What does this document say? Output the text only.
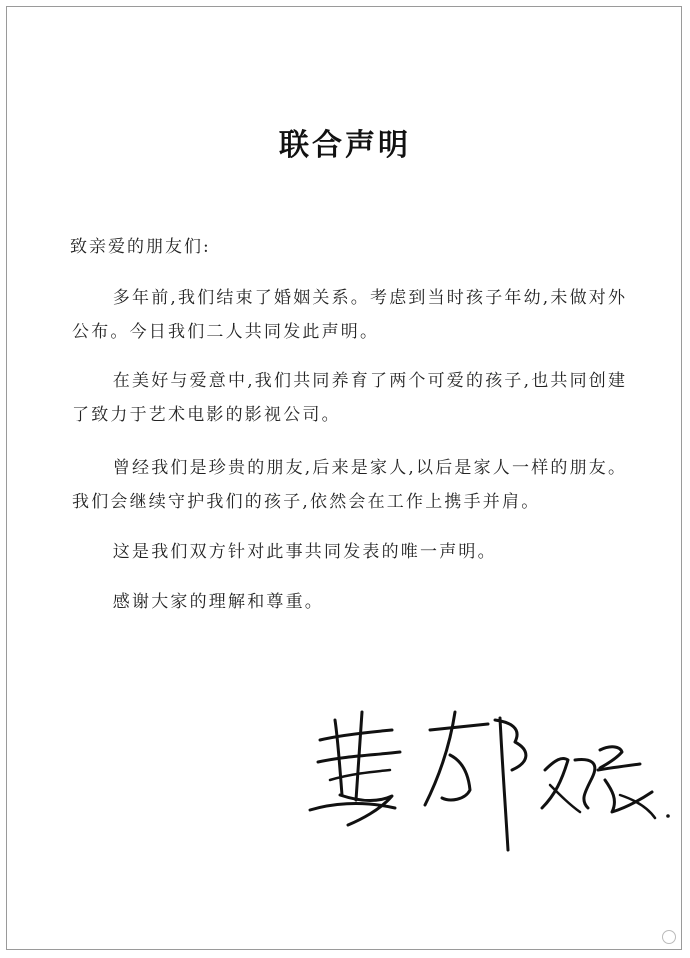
联合声明
致亲爱的朋友们:

多年前,我们结束了婚姻关系。考虑到当时孩子年幼,未做对外公布。今日我们二人共同发此声明。

在美好与爱意中,我们共同养育了两个可爱的孩子,也共同创建了致力于艺术电影的影视公司。

曾经我们是珍贵的朋友,后来是家人,以后是家人一样的朋友。我们会继续守护我们的孩子,依然会在工作上携手并肩。

这是我们双方针对此事共同发表的唯一声明。

感谢大家的理解和尊重。
